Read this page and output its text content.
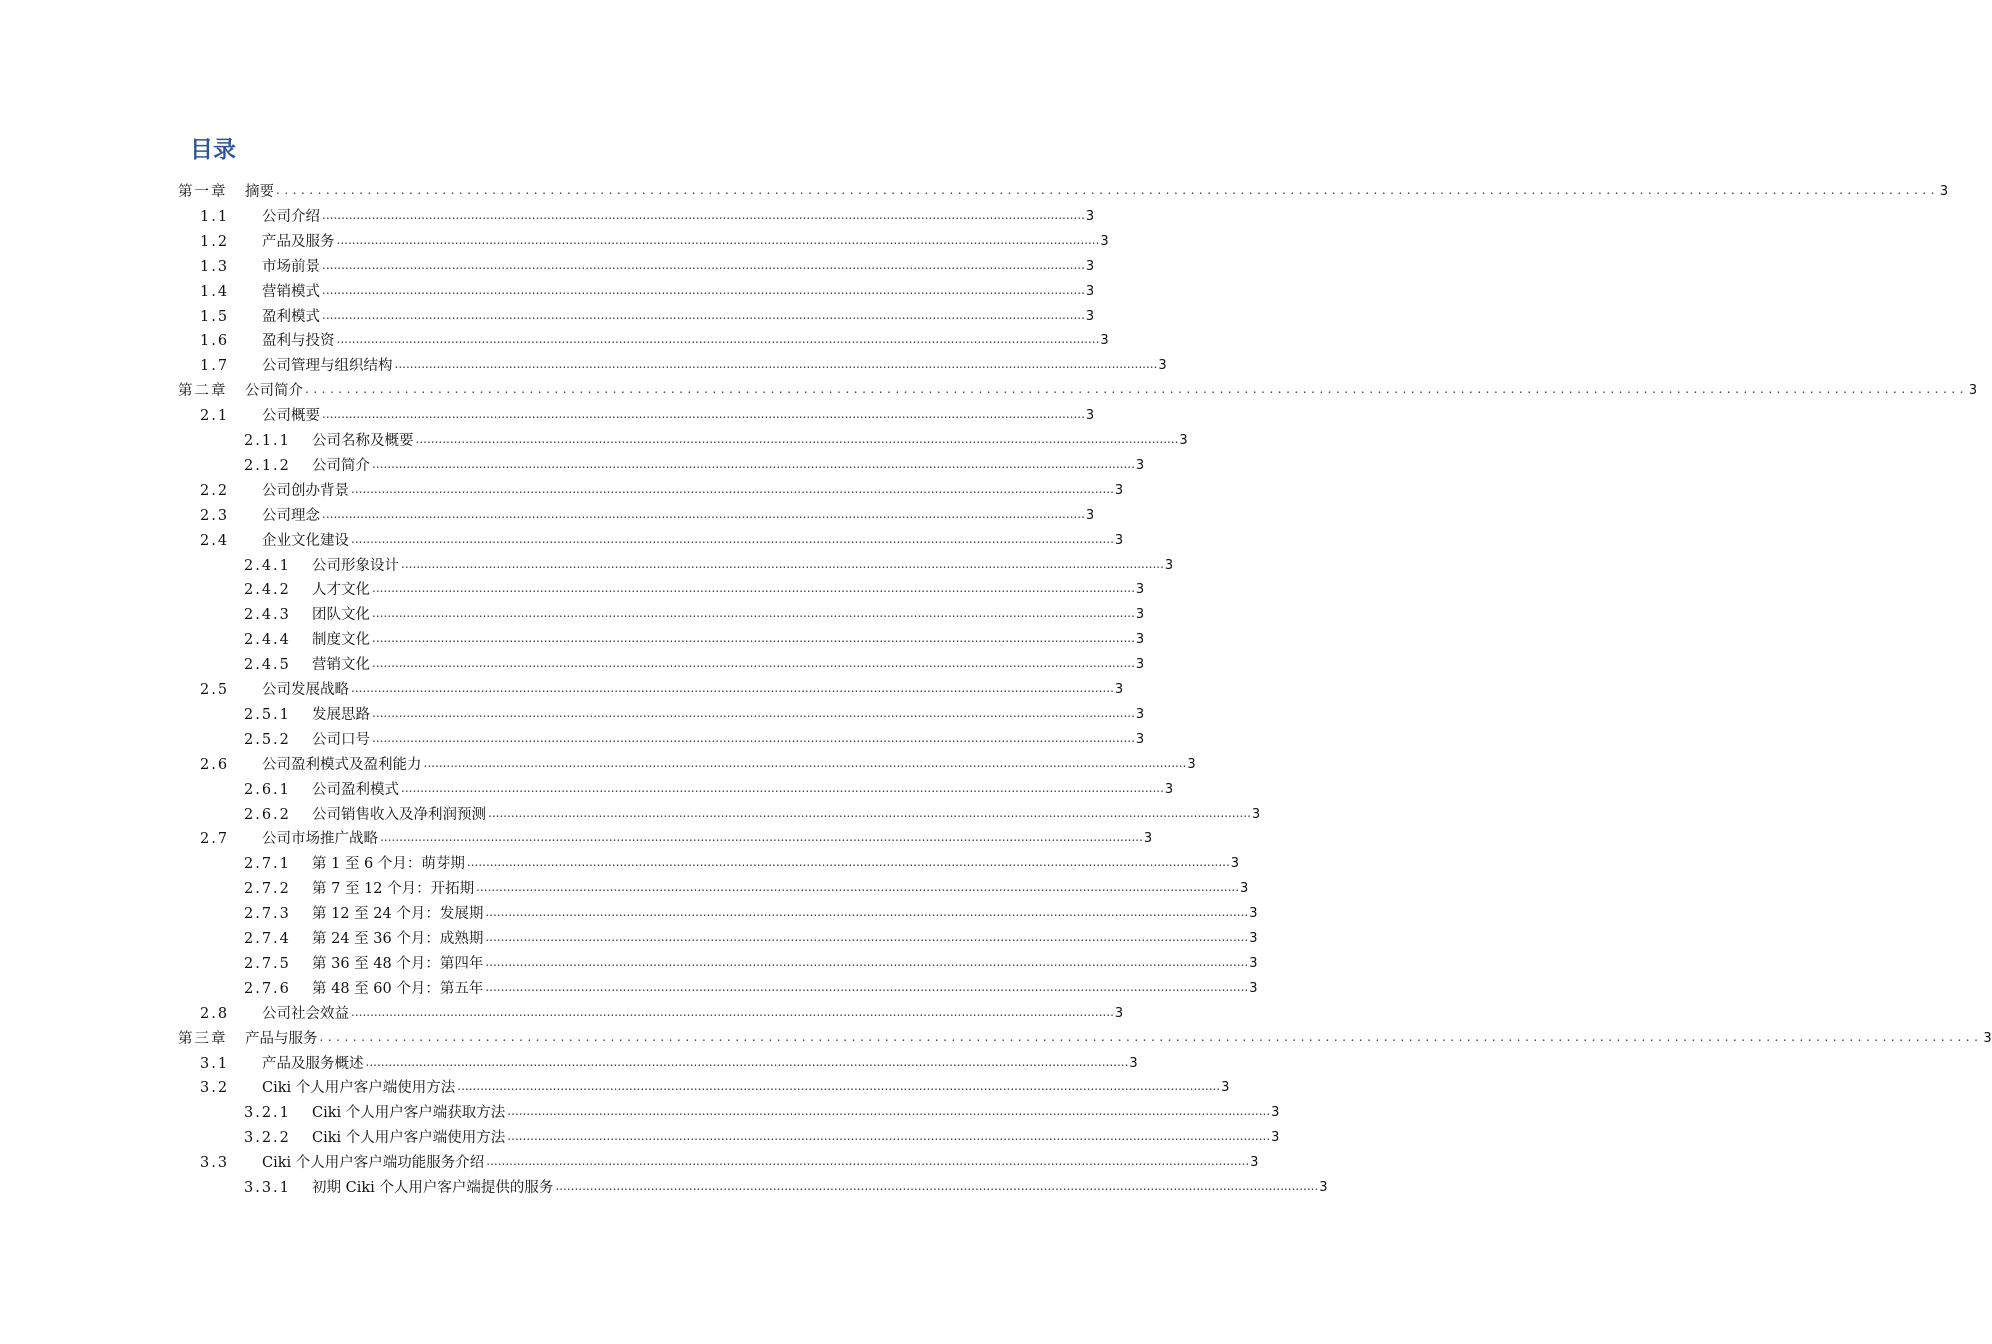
目录
第一章	摘要 ........................................................................................................................................................................................................ 3
1.1	公司介绍 ........................................................................................................................................................................................................ 3
1.2	产品及服务 ........................................................................................................................................................................................................ 3
1.3	市场前景 ........................................................................................................................................................................................................ 3
1.4	营销模式 ........................................................................................................................................................................................................ 3
1.5	盈利模式 ........................................................................................................................................................................................................ 3
1.6	盈利与投资 ........................................................................................................................................................................................................ 3
1.7	公司管理与组织结构 ........................................................................................................................................................................................................ 3
第二章	公司简介 ........................................................................................................................................................................................................ 3
2.1	公司概要 ........................................................................................................................................................................................................ 3
2.1.1	公司名称及概要 ........................................................................................................................................................................................................ 3
2.1.2	公司简介 ........................................................................................................................................................................................................ 3
2.2	公司创办背景 ........................................................................................................................................................................................................ 3
2.3	公司理念 ........................................................................................................................................................................................................ 3
2.4	企业文化建设 ........................................................................................................................................................................................................ 3
2.4.1	公司形象设计 ........................................................................................................................................................................................................ 3
2.4.2	人才文化 ........................................................................................................................................................................................................ 3
2.4.3	团队文化 ........................................................................................................................................................................................................ 3
2.4.4	制度文化 ........................................................................................................................................................................................................ 3
2.4.5	营销文化 ........................................................................................................................................................................................................ 3
2.5	公司发展战略 ........................................................................................................................................................................................................ 3
2.5.1	发展思路 ........................................................................................................................................................................................................ 3
2.5.2	公司口号 ........................................................................................................................................................................................................ 3
2.6	公司盈利模式及盈利能力 ........................................................................................................................................................................................................ 3
2.6.1	公司盈利模式 ........................................................................................................................................................................................................ 3
2.6.2	公司销售收入及净利润预测 ........................................................................................................................................................................................................ 3
2.7	公司市场推广战略 ........................................................................................................................................................................................................ 3
2.7.1	第 1 至 6 个月：萌芽期 ........................................................................................................................................................................................................ 3
2.7.2	第 7 至 12 个月：开拓期 ........................................................................................................................................................................................................ 3
2.7.3	第 12 至 24 个月：发展期 ........................................................................................................................................................................................................ 3
2.7.4	第 24 至 36 个月：成熟期 ........................................................................................................................................................................................................ 3
2.7.5	第 36 至 48 个月：第四年 ........................................................................................................................................................................................................ 3
2.7.6	第 48 至 60 个月：第五年 ........................................................................................................................................................................................................ 3
2.8	公司社会效益 ........................................................................................................................................................................................................ 3
第三章	产品与服务 ........................................................................................................................................................................................................ 3
3.1	产品及服务概述 ........................................................................................................................................................................................................ 3
3.2	Ciki 个人用户客户端使用方法 ........................................................................................................................................................................................................ 3
3.2.1	Ciki 个人用户客户端获取方法 ........................................................................................................................................................................................................ 3
3.2.2	Ciki 个人用户客户端使用方法 ........................................................................................................................................................................................................ 3
3.3	Ciki 个人用户客户端功能服务介绍 ........................................................................................................................................................................................................ 3
3.3.1	初期 Ciki 个人用户客户端提供的服务 ........................................................................................................................................................................................................ 3
